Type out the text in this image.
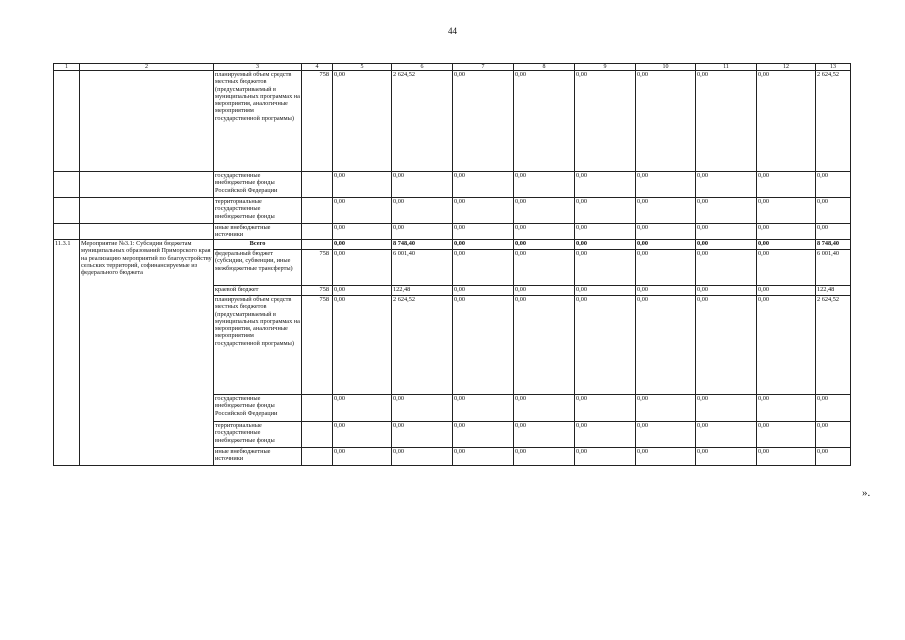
44
1	2	3	4	5	6	7	8	9	10	11	12	13
		планируемый объем средств местных бюджетов (предусматриваемый в муниципальных программах на мероприятия, аналогичные мероприятиям государственной программы)	758	0,00	2 624,52	0,00	0,00	0,00	0,00	0,00	0,00	2 624,52
		государственные внебюджетные фонды Российской Федерации		0,00	0,00	0,00	0,00	0,00	0,00	0,00	0,00	0,00
		территориальные государственные внебюджетные фонды		0,00	0,00	0,00	0,00	0,00	0,00	0,00	0,00	0,00
		иные внебюджетные источники		0,00	0,00	0,00	0,00	0,00	0,00	0,00	0,00	0,00
11.3.1	Мероприятие №3.1: Субсидии бюджетам муниципальных образований Приморского края на реализацию мероприятий по благоустройству сельских территорий, софинансируемые из федерального бюджета	Всего		0,00	8 748,40	0,00	0,00	0,00	0,00	0,00	0,00	8 748,40
		федеральный бюджет (субсидии, субвенции, иные межбюджетные трансферты)	758	0,00	6 001,40	0,00	0,00	0,00	0,00	0,00	0,00	6 001,40
		краевой бюджет	758	0,00	122,48	0,00	0,00	0,00	0,00	0,00	0,00	122,48
		планируемый объем средств местных бюджетов (предусматриваемый в муниципальных программах на мероприятия, аналогичные мероприятиям государственной программы)	758	0,00	2 624,52	0,00	0,00	0,00	0,00	0,00	0,00	2 624,52
		государственные внебюджетные фонды Российской Федерации		0,00	0,00	0,00	0,00	0,00	0,00	0,00	0,00	0,00
		территориальные государственные внебюджетные фонды		0,00	0,00	0,00	0,00	0,00	0,00	0,00	0,00	0,00
		иные внебюджетные источники		0,00	0,00	0,00	0,00	0,00	0,00	0,00	0,00	0,00
».
